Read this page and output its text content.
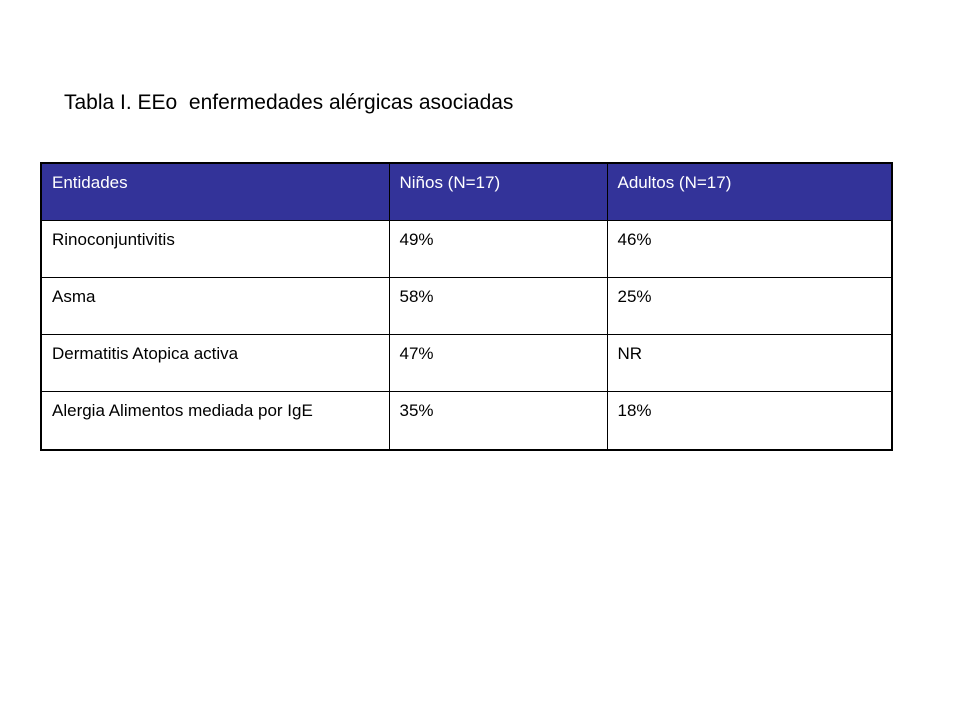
Tabla I. EEo  enfermedades alérgicas asociadas
Entidades	Niños (N=17)	Adultos (N=17)
Rinoconjuntivitis	49%	46%
Asma	58%	25%
Dermatitis Atopica activa	47%	NR
Alergia Alimentos mediada por IgE	35%	18%
